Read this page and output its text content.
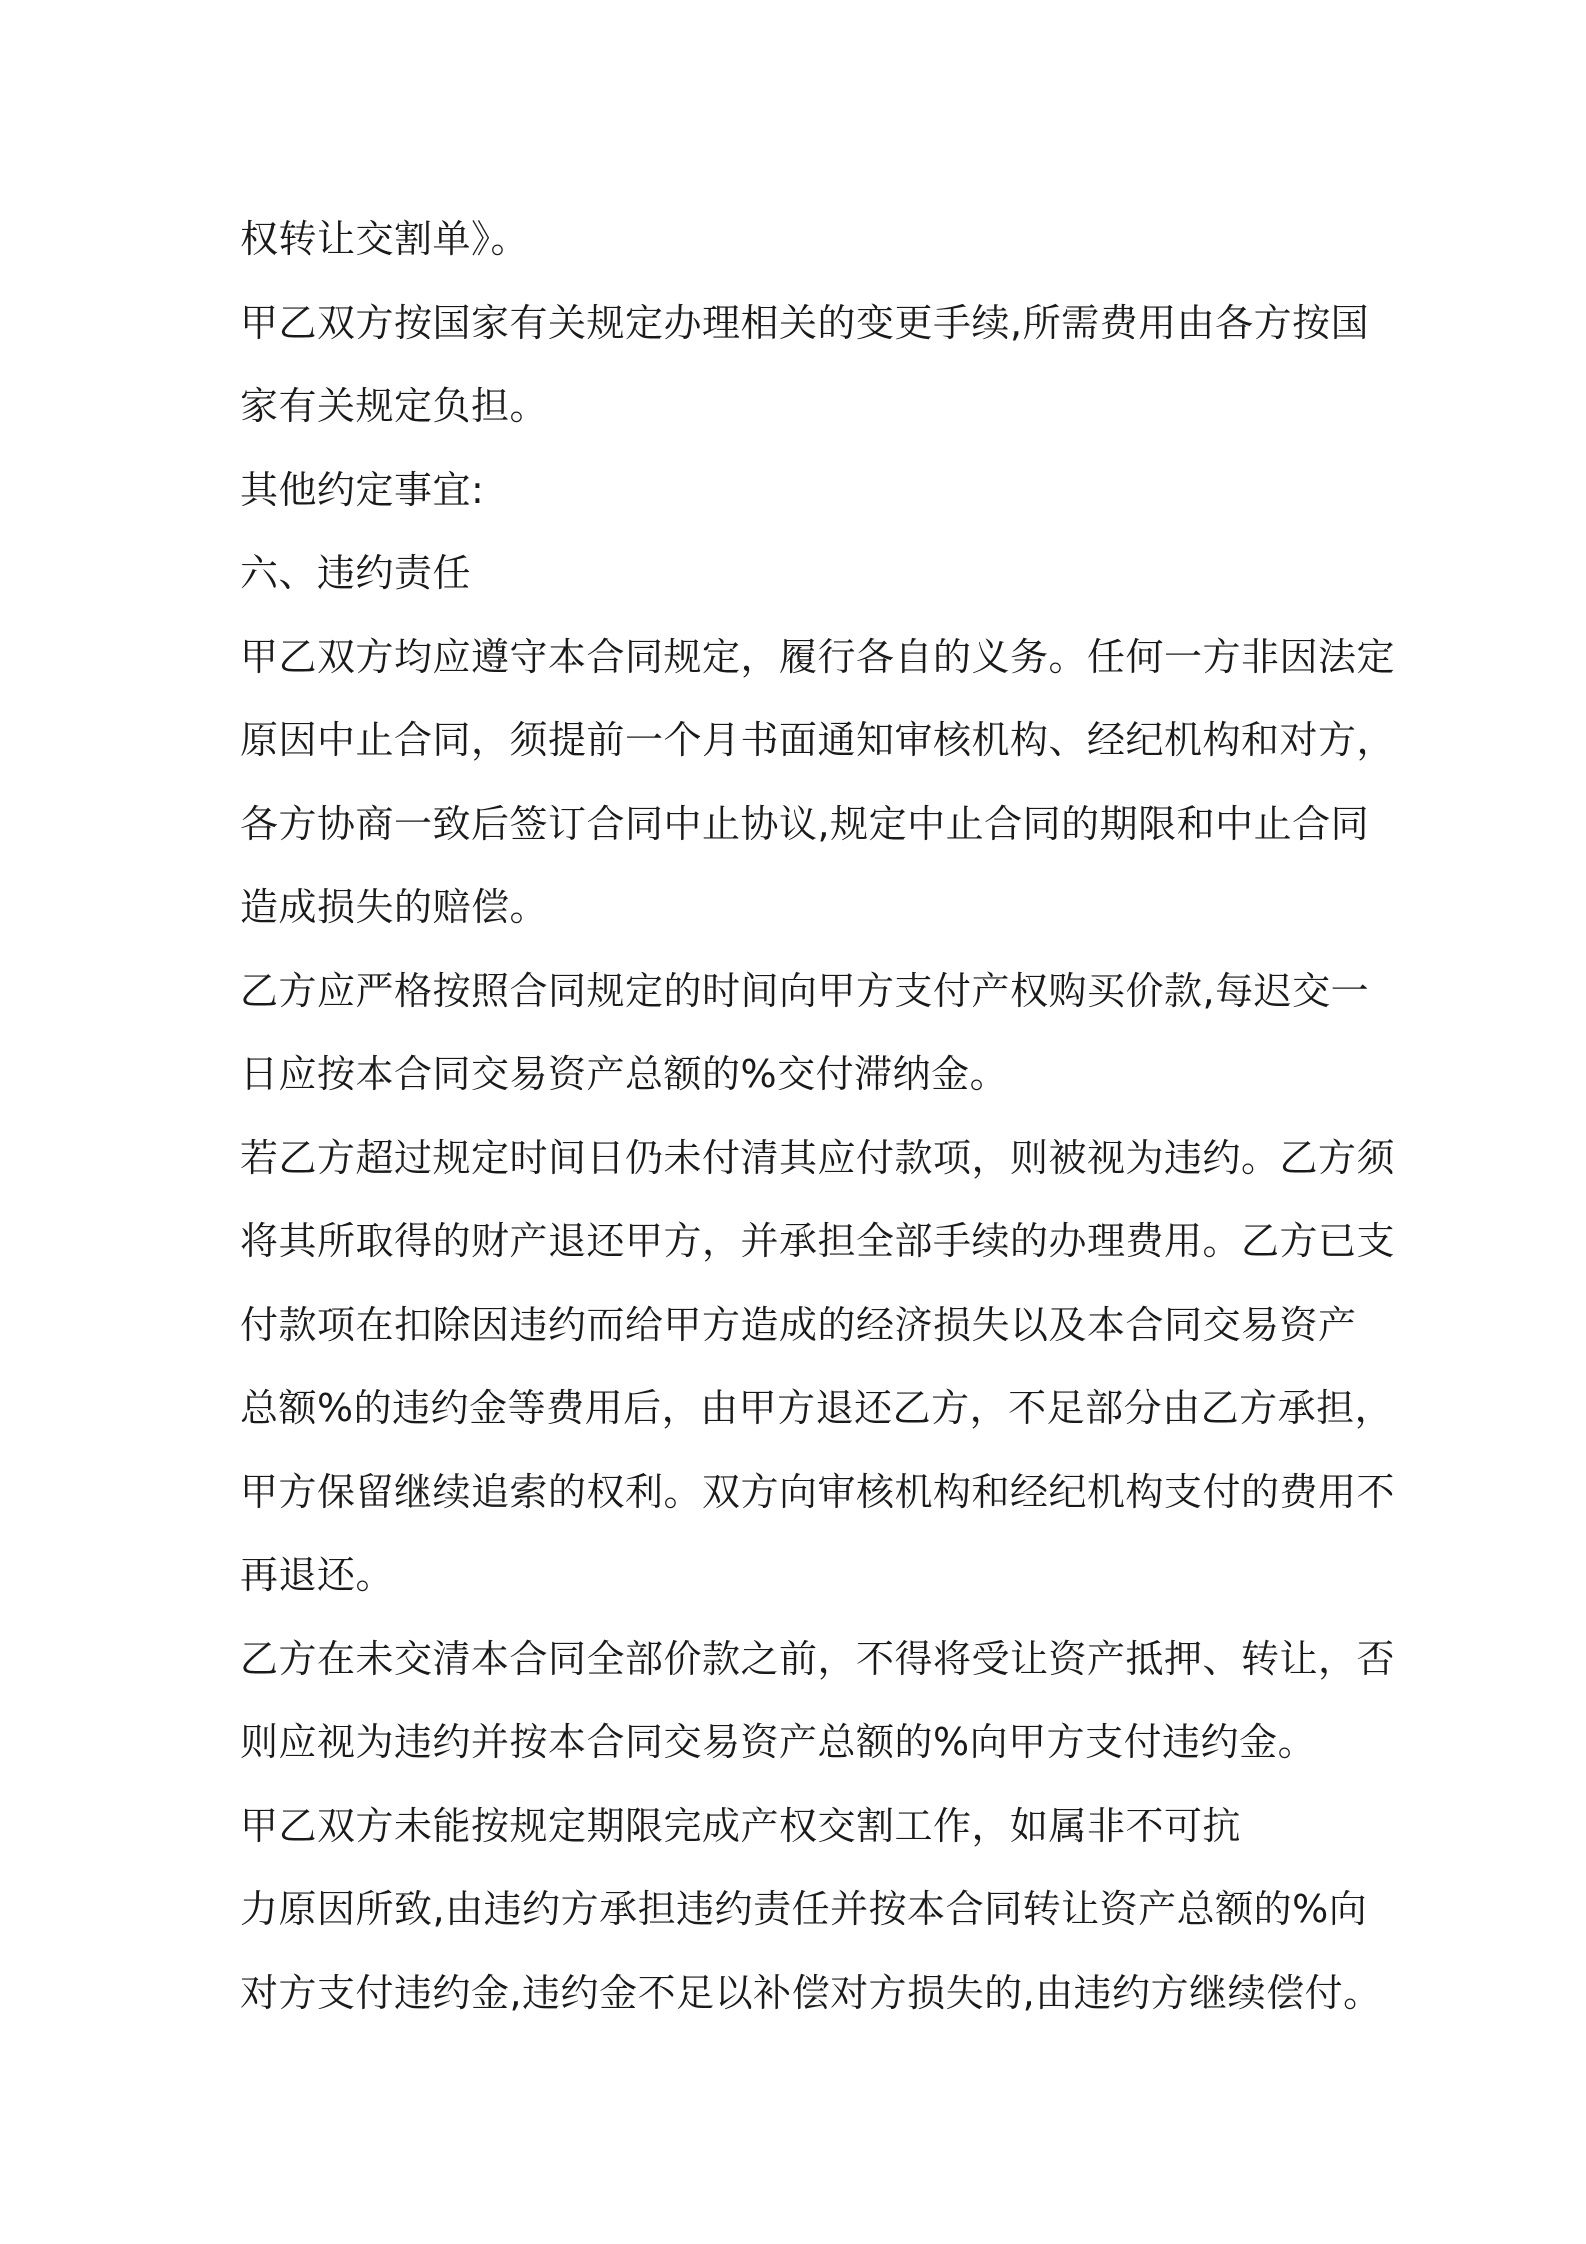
权转让交割单》。
甲乙双方按国家有关规定办理相关的变更手续,所需费用由各方按国
家有关规定负担。
其他约定事宜:
六、违约责任
甲乙双方均应遵守本合同规定，履行各自的义务。任何一方非因法定
原因中止合同，须提前一个月书面通知审核机构、经纪机构和对方，
各方协商一致后签订合同中止协议,规定中止合同的期限和中止合同
造成损失的赔偿。
乙方应严格按照合同规定的时间向甲方支付产权购买价款,每迟交一
日应按本合同交易资产总额的%交付滞纳金。
若乙方超过规定时间日仍未付清其应付款项，则被视为违约。乙方须
将其所取得的财产退还甲方，并承担全部手续的办理费用。乙方已支
付款项在扣除因违约而给甲方造成的经济损失以及本合同交易资产
总额%的违约金等费用后，由甲方退还乙方，不足部分由乙方承担，
甲方保留继续追索的权利。双方向审核机构和经纪机构支付的费用不
再退还。
乙方在未交清本合同全部价款之前，不得将受让资产抵押、转让，否
则应视为违约并按本合同交易资产总额的%向甲方支付违约金。
甲乙双方未能按规定期限完成产权交割工作，如属非不可抗
力原因所致,由违约方承担违约责任并按本合同转让资产总额的%向
对方支付违约金,违约金不足以补偿对方损失的,由违约方继续偿付。
